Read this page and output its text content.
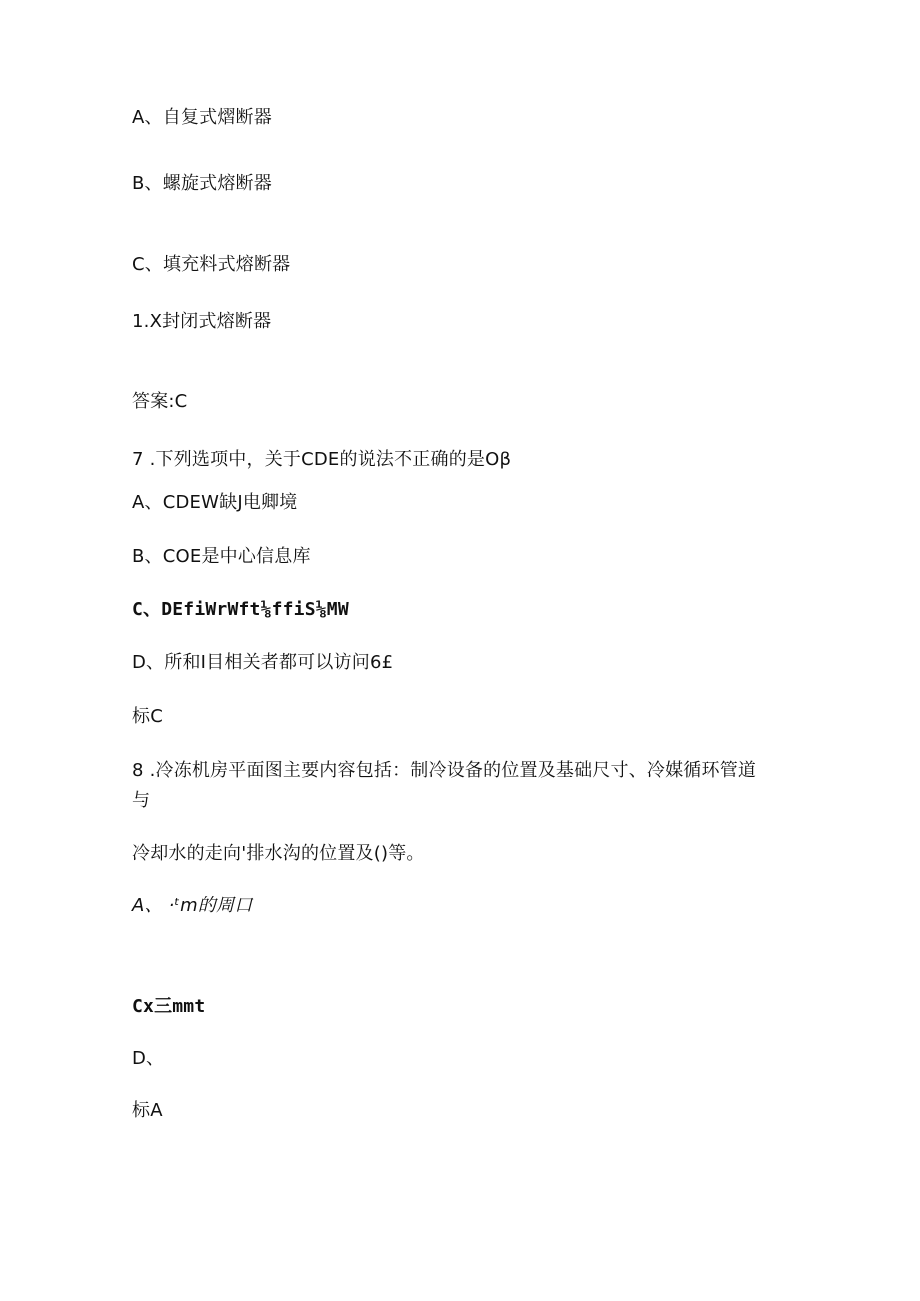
A、自复式熠断器
B、螺旋式熔断器
C、填充料式熔断器
1.X封闭式熔断器
答案:C
7 .下列选项中，关于CDE的说法不正确的是Oβ
A、CDEW缺J电卿境
B、COE是中心信息库
C、DEfiWrWft⅛ffiS⅛MW
D、所和I目相关者都可以访问6£
标C
8 .冷冻机房平面图主要内容包括：制冷设备的位置及基础尺寸、冷媒循环管道
与
冷却水的走向'排水沟的位置及()等。
A、 ·ᵗm的周口
Cx三mmt
D、
标A
